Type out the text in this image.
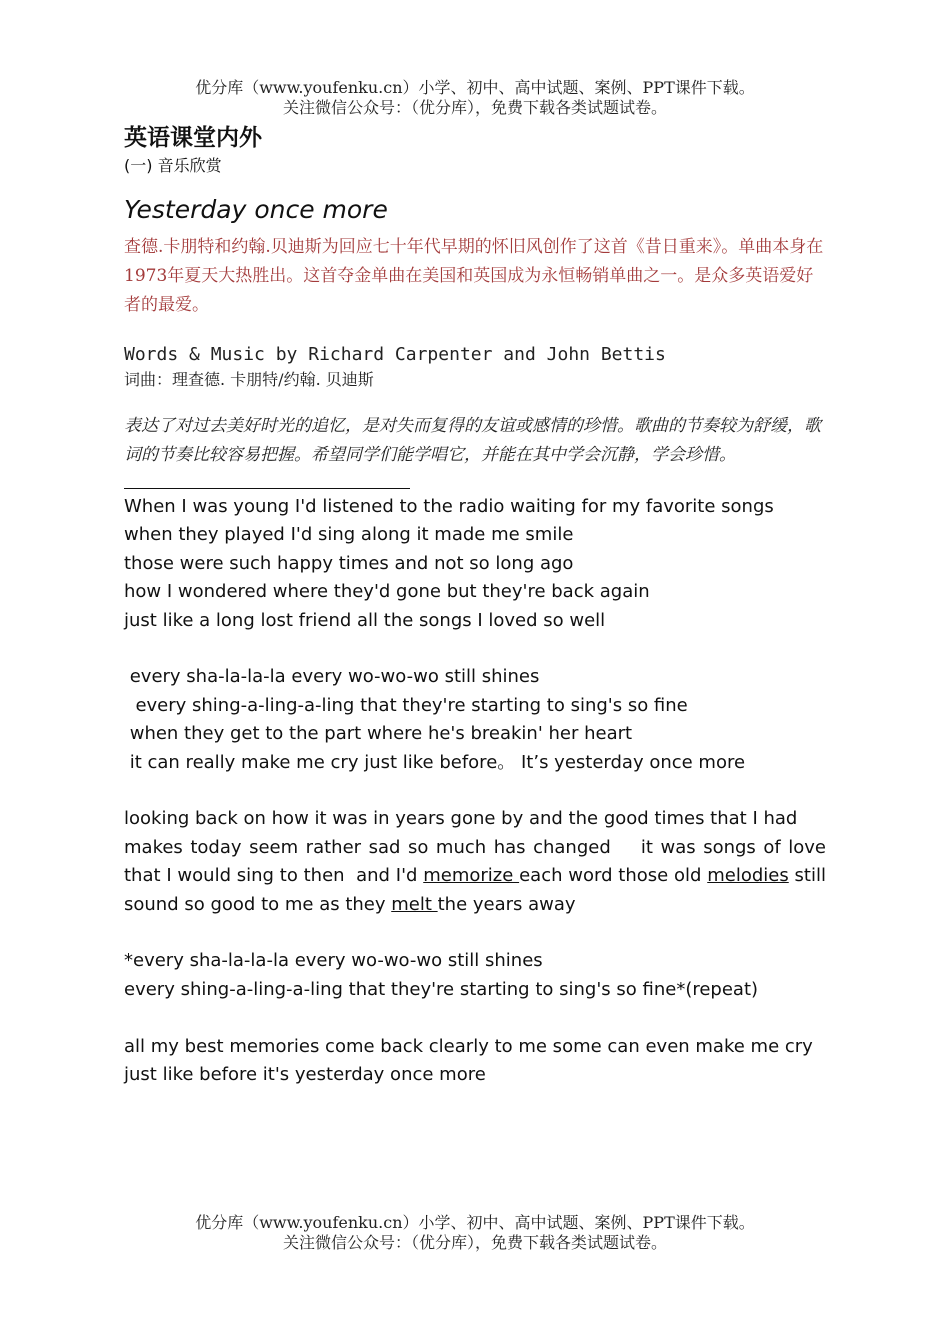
优分库（www.youfenku.cn）小学、初中、高中试题、案例、PPT课件下载。
关注微信公众号：（优分库），免费下载各类试题试卷。
英语课堂内外
(一) 音乐欣赏
Yesterday once more
查德.卡朋特和约翰.贝迪斯为回应七十年代早期的怀旧风创作了这首《昔日重来》。单曲本身在1973年夏天大热胜出。这首夺金单曲在美国和英国成为永恒畅销单曲之一。是众多英语爱好者的最爱。
Words & Music by Richard Carpenter and John Bettis
词曲：理查德. 卡朋特/约翰. 贝迪斯
表达了对过去美好时光的追忆，是对失而复得的友谊或感情的珍惜。歌曲的节奏较为舒缓，歌词的节奏比较容易把握。希望同学们能学唱它，并能在其中学会沉静，学会珍惜。
When I was young I'd listened to the radio waiting for my favorite songs
when they played I'd sing along it made me smile
those were such happy times and not so long ago
how I wondered where they'd gone but they're back again
just like a long lost friend all the songs I loved so well
every sha-la-la-la every wo-wo-wo still shines
every shing-a-ling-a-ling that they're starting to sing's so fine
when they get to the part where he's breakin' her heart
it can really make me cry just like before。 It’s yesterday once more
looking back on how it was in years gone by and the good times that I had
makes today seem rather sad so much has changed    it was songs of love that I would sing to then  and I'd memorize each word those old melodies still sound so good to me as they melt the years away
*every sha-la-la-la every wo-wo-wo still shines
every shing-a-ling-a-ling that they're starting to sing's so fine*(repeat)
all my best memories come back clearly to me some can even make me cry
just like before it's yesterday once more
优分库（www.youfenku.cn）小学、初中、高中试题、案例、PPT课件下载。
关注微信公众号：（优分库），免费下载各类试题试卷。
